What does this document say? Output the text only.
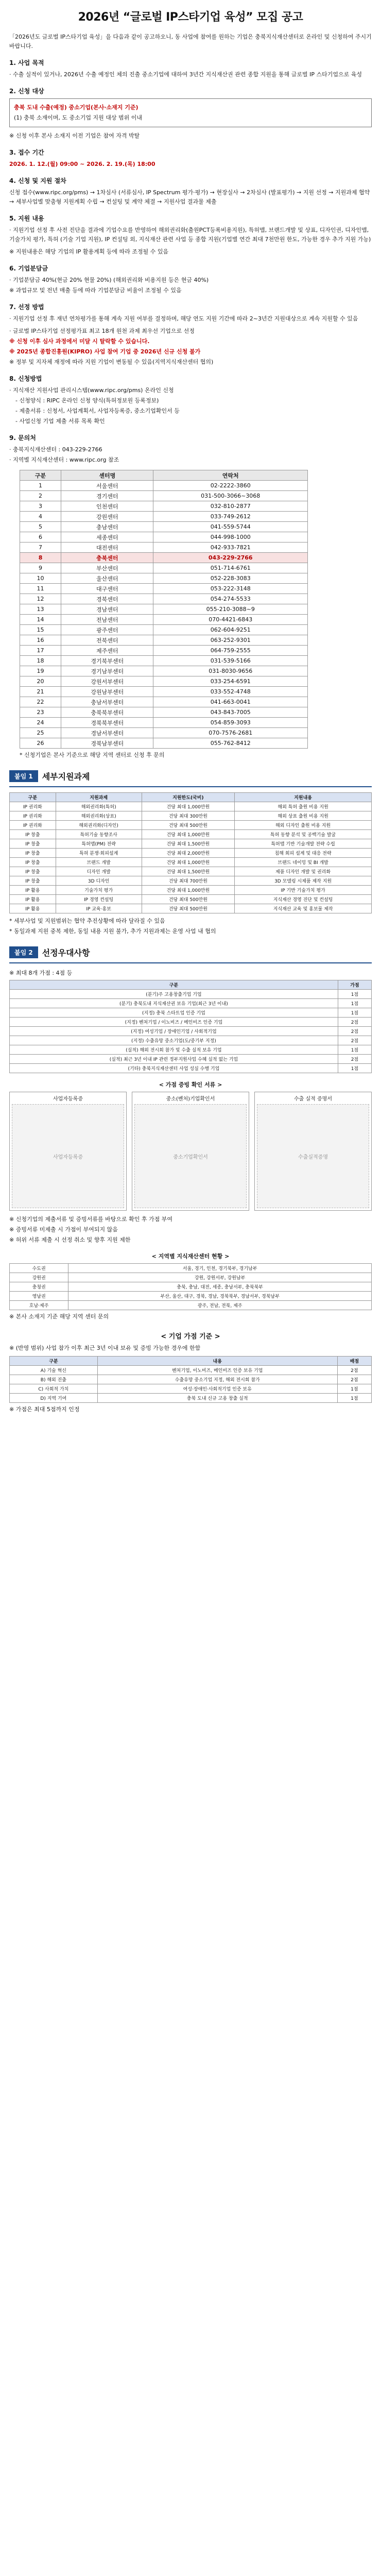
2026년 “글로벌 IP스타기업 육성” 모집 공고

「2026년도 글로벌 IP스타기업 육성」을 다음과 같이 공고하오니, 동 사업에 참여를 원하는 기업은 충북지식재산센터로 온라인 및 신청하여 주시기 바랍니다.

1. 사업 목적

· 수출 실적이 있거나, 2026년 수출 예정인 체의 진출 중소기업에 대하여 3년간 지식재산권 관련 종합 지원을 통해 글로벌 IP 스타기업으로 육성

2. 신청 대상
충북 도내 수출(예정) 중소기업(본사·소재지 기준)
(1) 충북 소재이며, 도 중소기업 지원 대상 범위 이내
※ 신청 이후 본사 소재지 이전 기업은 참여 자격 박탈
3. 접수 기간
2026. 1. 12.(월) 09:00 ~ 2026. 2. 19.(목) 18:00
4. 신청 및 지원 절차

신청 접수(www.ripc.org/pms) → 1차심사 (서류심사, IP Spectrum 평가·평가) → 현장실사 → 2차심사 (발표평가) → 지원 선정 → 지원과제 협약 → 세부사업별 맞춤형 지원계획 수립 → 컨설팅 및 계약 체결 → 지원사업 결과물 제출

5. 지원 내용

· 지원기업 선정 후 사전 진단을 결과에 기업수요를 반영하여 해외권리화(출원PCT등록비용지원), 특허맵, 브랜드개발 및 상표, 디자인권, 디자인맵, 기술가치 평가, 특허 (기술 기업 지원), IP 컨설팅 외, 지식재산 관련 사업 등 종합 지원(기업별 연간 최대 7천만원 한도, 가능한 경우 추가 지원 가능)

※ 지원내용은 해당 기업의 IP 활용계획 등에 따라 조정될 수 있음
6. 기업분담금
· 기업분담금 40%(현금 20% 현물 20%) (해외권리화 비용지원 등은 현금 40%)
※ 과업규모 및 전년 매출 등에 따라 기업분담금 비율이 조정될 수 있음
7. 선정 방법

· 지원기업 선정 후 재년 연차평가를 통해 계속 지원 여부를 결정하며, 해당 연도 지원 기간에 따라 2~3년간 지원대상으로 계속 지원할 수 있음

· 글로벌 IP스타기업 선정평가표 최고 18개 원천 과제 최우선 기업으로 선정
※ 신청 이후 심사 과정에서 미달 시 탈락할 수 있습니다.
※ 2025년 종합진흥원(KIPRO) 사업 참여 기업 중 2026년 신규 신청 불가
※ 정부 및 지자체 재정에 따라 지원 기업이 변동될 수 있음(지역지식재산센터 협의)
8. 신청방법
· 지식재산 지원사업 관리시스템(www.ripc.org/pms) 온라인 신청
- 신청양식 : RIPC 온라인 신청 양식(특허정보원 등록정보)
- 제출서류 : 신청서, 사업계획서, 사업자등록증, 중소기업확인서 등
- 사업신청 기업 제출 서류 목록 확인
9. 문의처
· 충북지식재산센터 : 043-229-2766
· 지역별 지식재산센터 : www.ripc.org 참조
구분	센터명	연락처
1	서울센터	02-2222-3860
2	경기센터	031-500-3066~3068
3	인천센터	032-810-2877
4	강원센터	033-749-2612
5	충남센터	041-559-5744
6	세종센터	044-998-1000
7	대전센터	042-933-7821
8	충북센터	043-229-2766
9	부산센터	051-714-6761
10	울산센터	052-228-3083
11	대구센터	053-222-3148
12	경북센터	054-274-5533
13	경남센터	055-210-3088~9
14	전남센터	070-4421-6843
15	광주센터	062-604-9251
16	전북센터	063-252-9301
17	제주센터	064-759-2555
18	경기북부센터	031-539-5166
19	경기남부센터	031-8030-9656
20	강원서부센터	033-254-6591
21	강원남부센터	033-552-4748
22	충남서부센터	041-663-0041
23	충북북부센터	043-843-7005
24	경북북부센터	054-859-3093
25	경남서부센터	070-7576-2681
26	경북남부센터	055-762-8412
* 신청기업은 본사 기준으로 해당 지역 센터로 신청 후 문의
붙임 1	세부지원과제
구분	지원과제	지원한도(국비)	지원내용
IP 권리화	해외권리화(특허)	건당 최대 1,000만원	해외 특허 출원 비용 지원
IP 권리화	해외권리화(상표)	건당 최대 300만원	해외 상표 출원 비용 지원
IP 권리화	해외권리화(디자인)	건당 최대 500만원	해외 디자인 출원 비용 지원
IP 창출	특허기술 동향조사	건당 최대 1,000만원	특허 동향 분석 및 공백기술 발굴
IP 창출	특허맵(PM) 전략	건당 최대 1,500만원	특허맵 기반 기술개발 전략 수립
IP 창출	특허 분쟁·회피설계	건당 최대 2,000만원	침해 회피 설계 및 대응 전략
IP 창출	브랜드 개발	건당 최대 1,000만원	브랜드 네이밍 및 BI 개발
IP 창출	디자인 개발	건당 최대 1,500만원	제품 디자인 개발 및 권리화
IP 창출	3D 디자인	건당 최대 700만원	3D 모델링 시제품 제작 지원
IP 활용	기술가치 평가	건당 최대 1,000만원	IP 기반 기술가치 평가
IP 활용	IP 경영 컨설팅	건당 최대 500만원	지식재산 경영 진단 및 컨설팅
IP 활용	IP 교육·홍보	건당 최대 500만원	지식재산 교육 및 홍보물 제작
* 세부사업 및 지원범위는 협약 추진상황에 따라 달라질 수 있음
* 동일과제 지원 중복 제한, 동일 내용 지원 불가, 추가 지원과제는 운영 사업 내 협의
붙임 2	선정우대사항
※ 최대 8개 가점 : 4점 등
구분	가점
(분기)주 고용창출기업 기업	1점
(분기) 충북도내 지식재산권 보유 기업(최근 3년 이내)	1점
(지정) 충북 스타트업 인증 기업	1점
(지정) 벤처기업 / 이노비즈 / 메인비즈 인증 기업	2점
(지정) 여성기업 / 장애인기업 / 사회적기업	2점
(지정) 수출유망 중소기업(도/중기부 지정)	2점
(실적) 해외 전시회 참가 및 수출 실적 보유 기업	1점
(실적) 최근 3년 이내 IP 관련 정부지원사업 수혜 실적 없는 기업	2점
(기타) 충북지식재산센터 사업 성실 수행 기업	1점
< 가점 증빙 확인 서류 >
사업자등록증
사업자등록증
중소(벤처)기업확인서
중소기업확인서
수출 실적 증명서
수출실적증명
※ 신청기업의 제출서류 및 증빙서류를 바탕으로 확인 후 가점 부여
※ 증빙서류 미제출 시 가점이 부여되지 않음
※ 허위 서류 제출 시 선정 취소 및 향후 지원 제한
< 지역별 지식재산센터 현황 >
수도권	서울, 경기, 인천, 경기북부, 경기남부
강원권	강원, 강원서부, 강원남부
충청권	충북, 충남, 대전, 세종, 충남서부, 충북북부
영남권	부산, 울산, 대구, 경북, 경남, 경북북부, 경남서부, 경북남부
호남·제주	광주, 전남, 전북, 제주
※ 본사 소재지 기준 해당 지역 센터 문의
< 기업 가점 기준 >

※ (반영 범위) 사업 참가 이후 최근 3년 이내 보유 및 증빙 가능한 경우에 한함

구분	내용	배점
A) 기술 혁신	벤처기업, 이노비즈, 메인비즈 인증 보유 기업	2점
B) 해외 진출	수출유망 중소기업 지정, 해외 전시회 참가	2점
C) 사회적 가치	여성·장애인·사회적기업 인증 보유	1점
D) 지역 기여	충북 도내 신규 고용 창출 실적	1점
※ 가점은 최대 5점까지 인정
